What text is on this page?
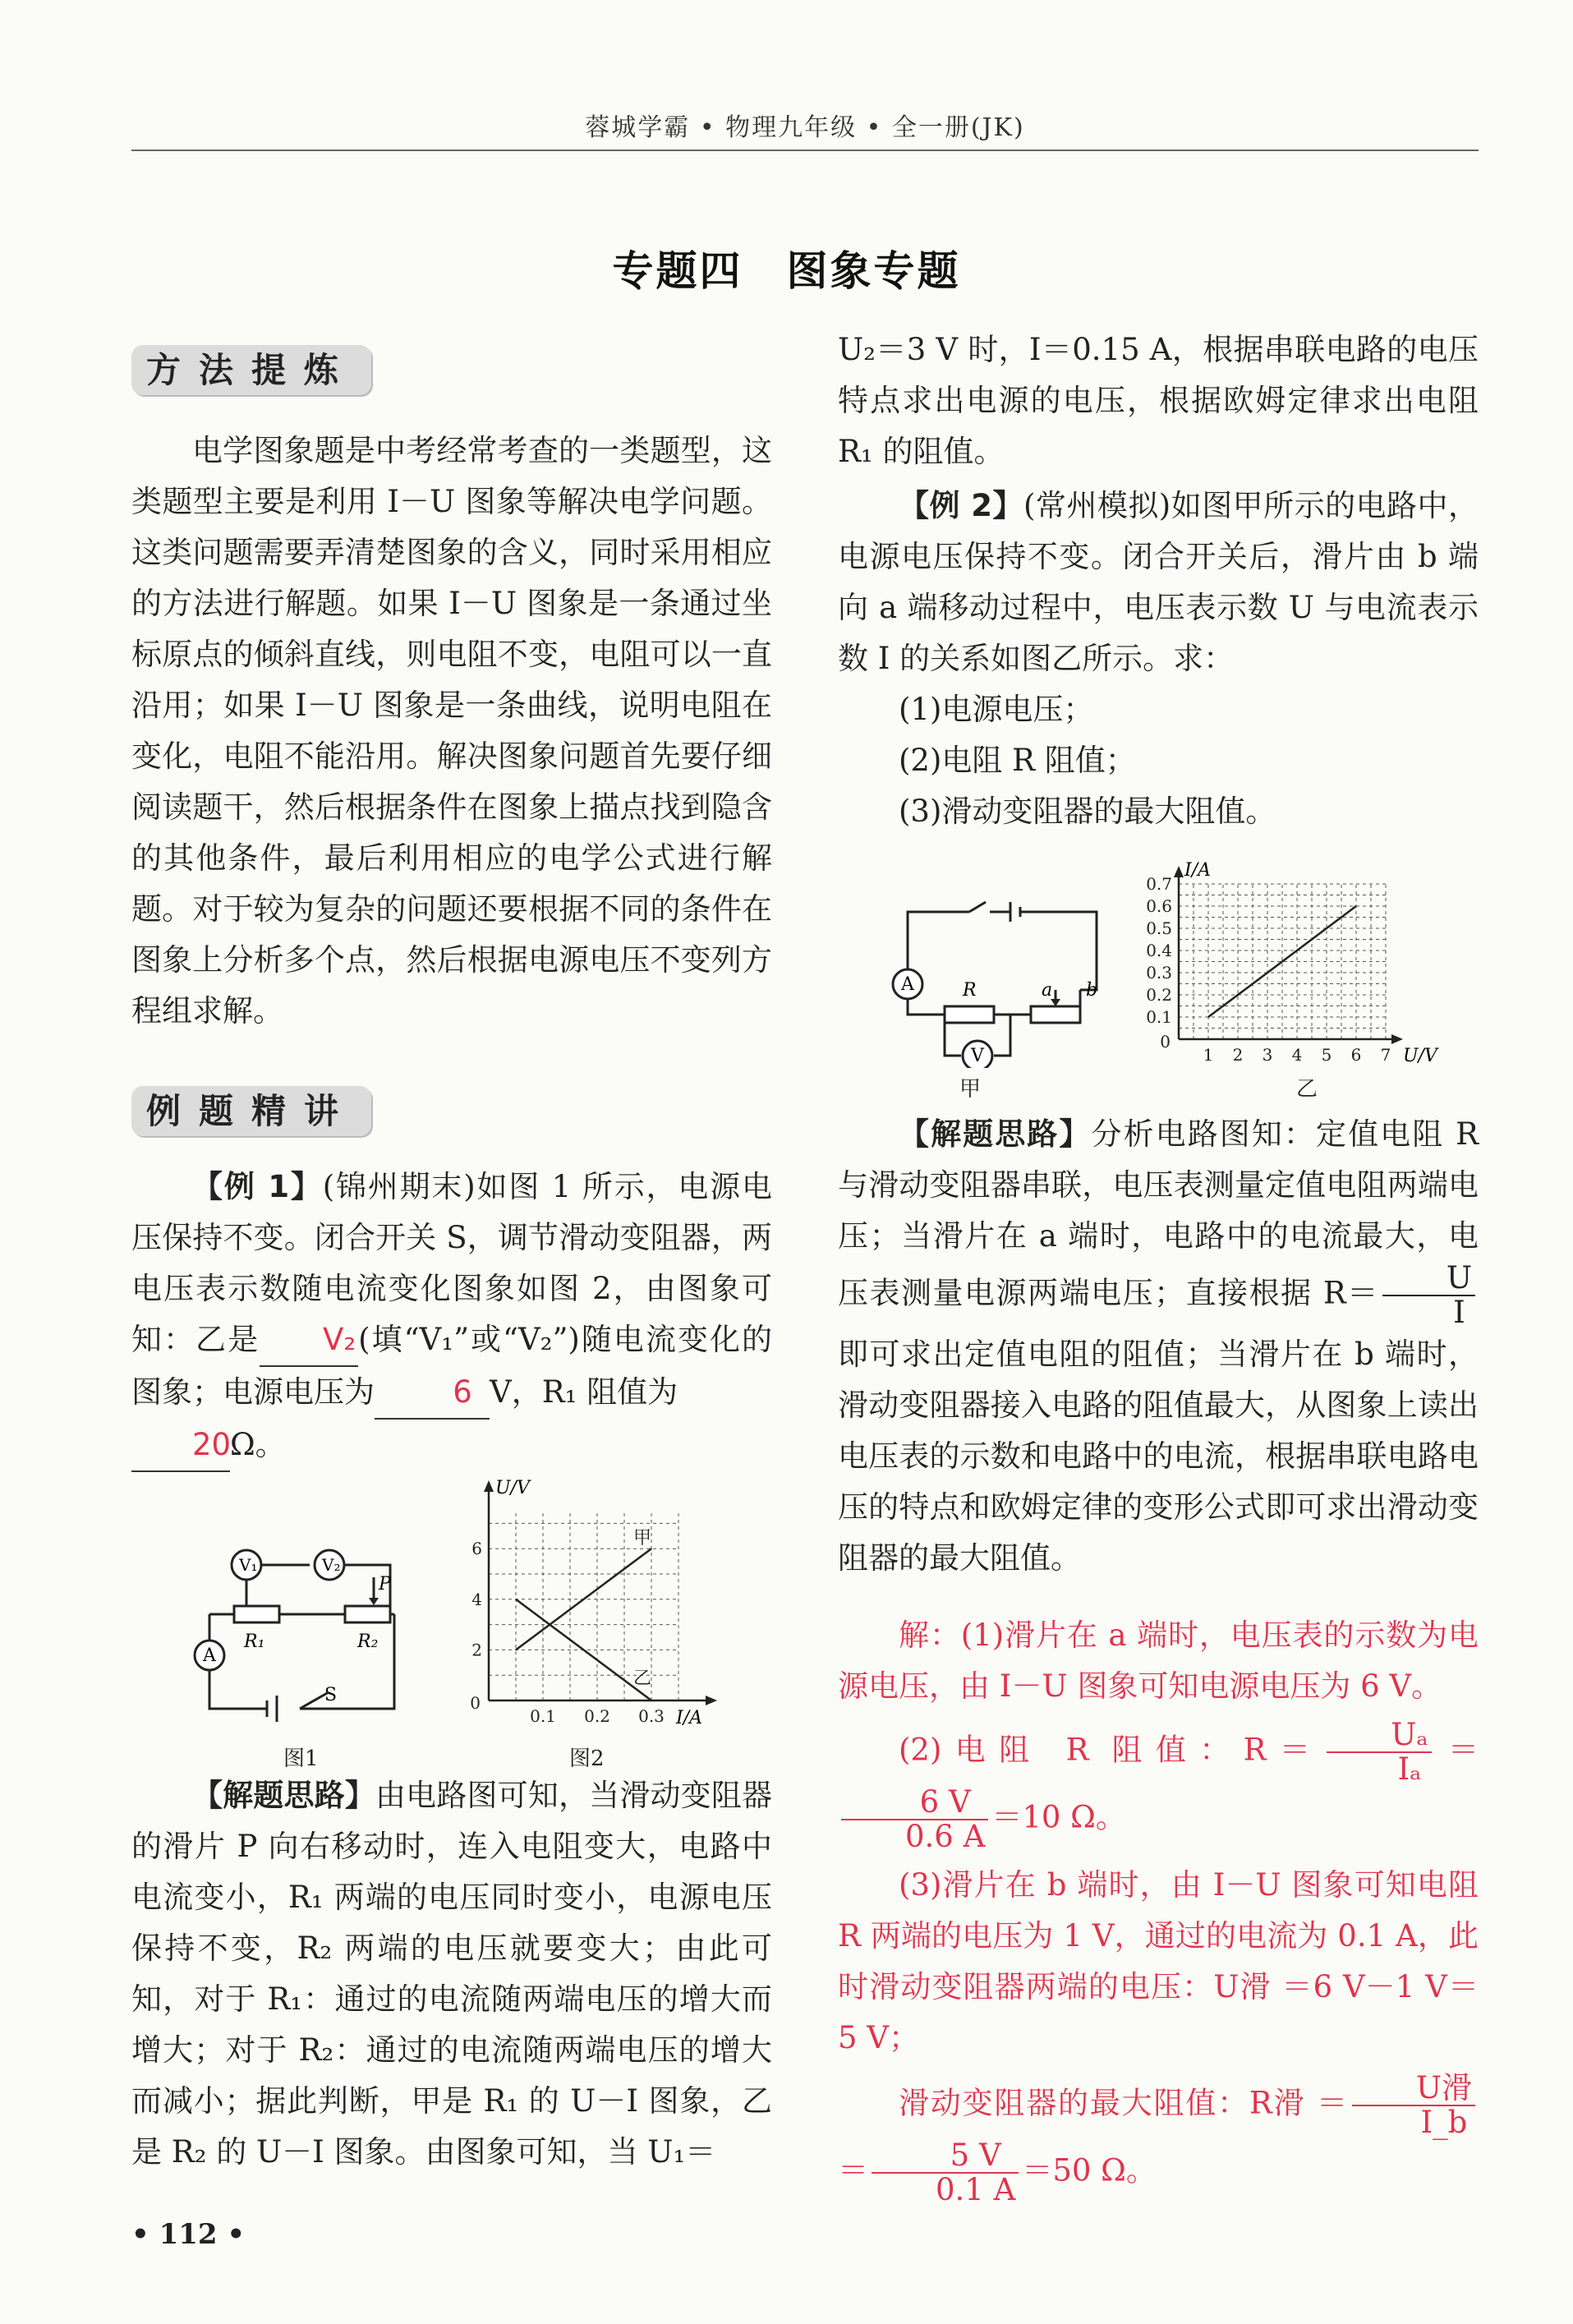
蓉城学霸 • 物理九年级 • 全一册(JK)
专题四　图象专题
方法提炼

电学图象题是中考经常考查的一类题型，这类题型主要是利用 I－U 图象等解决电学问题。这类问题需要弄清楚图象的含义，同时采用相应的方法进行解题。如果 I－U 图象是一条通过坐标原点的倾斜直线，则电阻不变，电阻可以一直沿用；如果 I－U 图象是一条曲线，说明电阻在变化，电阻不能沿用。解决图象问题首先要仔细阅读题干，然后根据条件在图象上描点找到隐含的其他条件，最后利用相应的电学公式进行解题。对于较为复杂的问题还要根据不同的条件在图象上分析多个点，然后根据电源电压不变列方程组求解。

例题精讲

【例 1】(锦州期末)如图 1 所示，电源电压保持不变。闭合开关 S，调节滑动变阻器，两电压表示数随电流变化图象如图 2，由图象可知：乙是 V₂(填“V₁”或“V₂”)随电流变化的图象；电源电压为	6 V，R₁ 阻值为
20Ω。

V₁	V₂
P
R₁	R₂
A
S
图1
0.1 0.2 0.3
2
4
6
0
甲
乙
U/V
I/A
图2

【解题思路】由电路图可知，当滑动变阻器的滑片 P 向右移动时，连入电阻变大，电路中电流变小，R₁ 两端的电压同时变小，电源电压保持不变，R₂ 两端的电压就要变大；由此可知，对于 R₁：通过的电流随两端电压的增大而增大；对于 R₂：通过的电流随两端电压的增大而减小；据此判断，甲是 R₁ 的 U－I 图象，乙是 R₂ 的 U－I 图象。由图象可知，当 U₁＝

• 112 •

U₂＝3 V 时，I＝0.15 A，根据串联电路的电压特点求出电源的电压，根据欧姆定律求出电阻 R₁ 的阻值。

【例 2】(常州模拟)如图甲所示的电路中，电源电压保持不变。闭合开关后，滑片由 b 端向 a 端移动过程中，电压表示数 U 与电流表示数 I 的关系如图乙所示。求：

(1)电源电压；

(2)电阻 R 阻值；

(3)滑动变阻器的最大阻值。

A	R	a b
V
甲
1 2 3 4 5 6 7
0.1
0.2
0.3
0.4
0.5
0.6
0.7
0
I/A
U/V
乙

【解题思路】分析电路图知：定值电阻 R 与滑动变阻器串联，电压表测量定值电阻两端电压；当滑片在 a 端时，电路中的电流最大，电压表测量电源两端电压；直接根据 $R= \frac{U}{I}$
即可求出定值电阻的阻值；当滑片在 b 端时，滑动变阻器接入电路的阻值最大，从图象上读出电压表的示数和电路中的电流，根据串联电路电压的特点和欧姆定律的变形公式即可求出滑动变阻器的最大阻值。

解：(1)滑片在 a 端时，电压表的示数为电源电压，由 I－U 图象可知电源电压为 6 V。

(2)电阻 R 阻值：$R= \frac{\text{Uₐ}}{\text{Iₐ}}$ ＝
$\frac{6 V}{0.6 A} =10$ Ω。

(3)滑片在 b 端时，由 I－U 图象可知电阻 R 两端的电压为 1 V，通过的电流为 0.1 A，此时滑动变阻器两端的电压：U滑 ＝6 V－1 V＝5 V；

滑动变阻器的最大阻值：R滑 ＝ $\frac{\text{U滑}}{I\_b}$
＝ $\frac{5 V}{0.1 A} =50$ Ω。
